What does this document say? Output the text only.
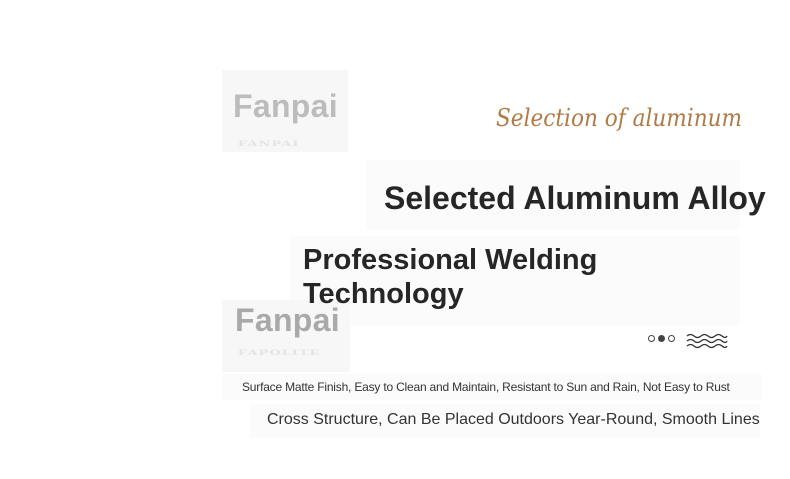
Fanpai
FANPAI
Selection of aluminum
Selected Aluminum Alloy
Professional Welding Technology
Fanpai
FAPOLITE
Surface Matte Finish, Easy to Clean and Maintain, Resistant to Sun and Rain, Not Easy to Rust
Cross Structure, Can Be Placed Outdoors Year-Round, Smooth Lines
